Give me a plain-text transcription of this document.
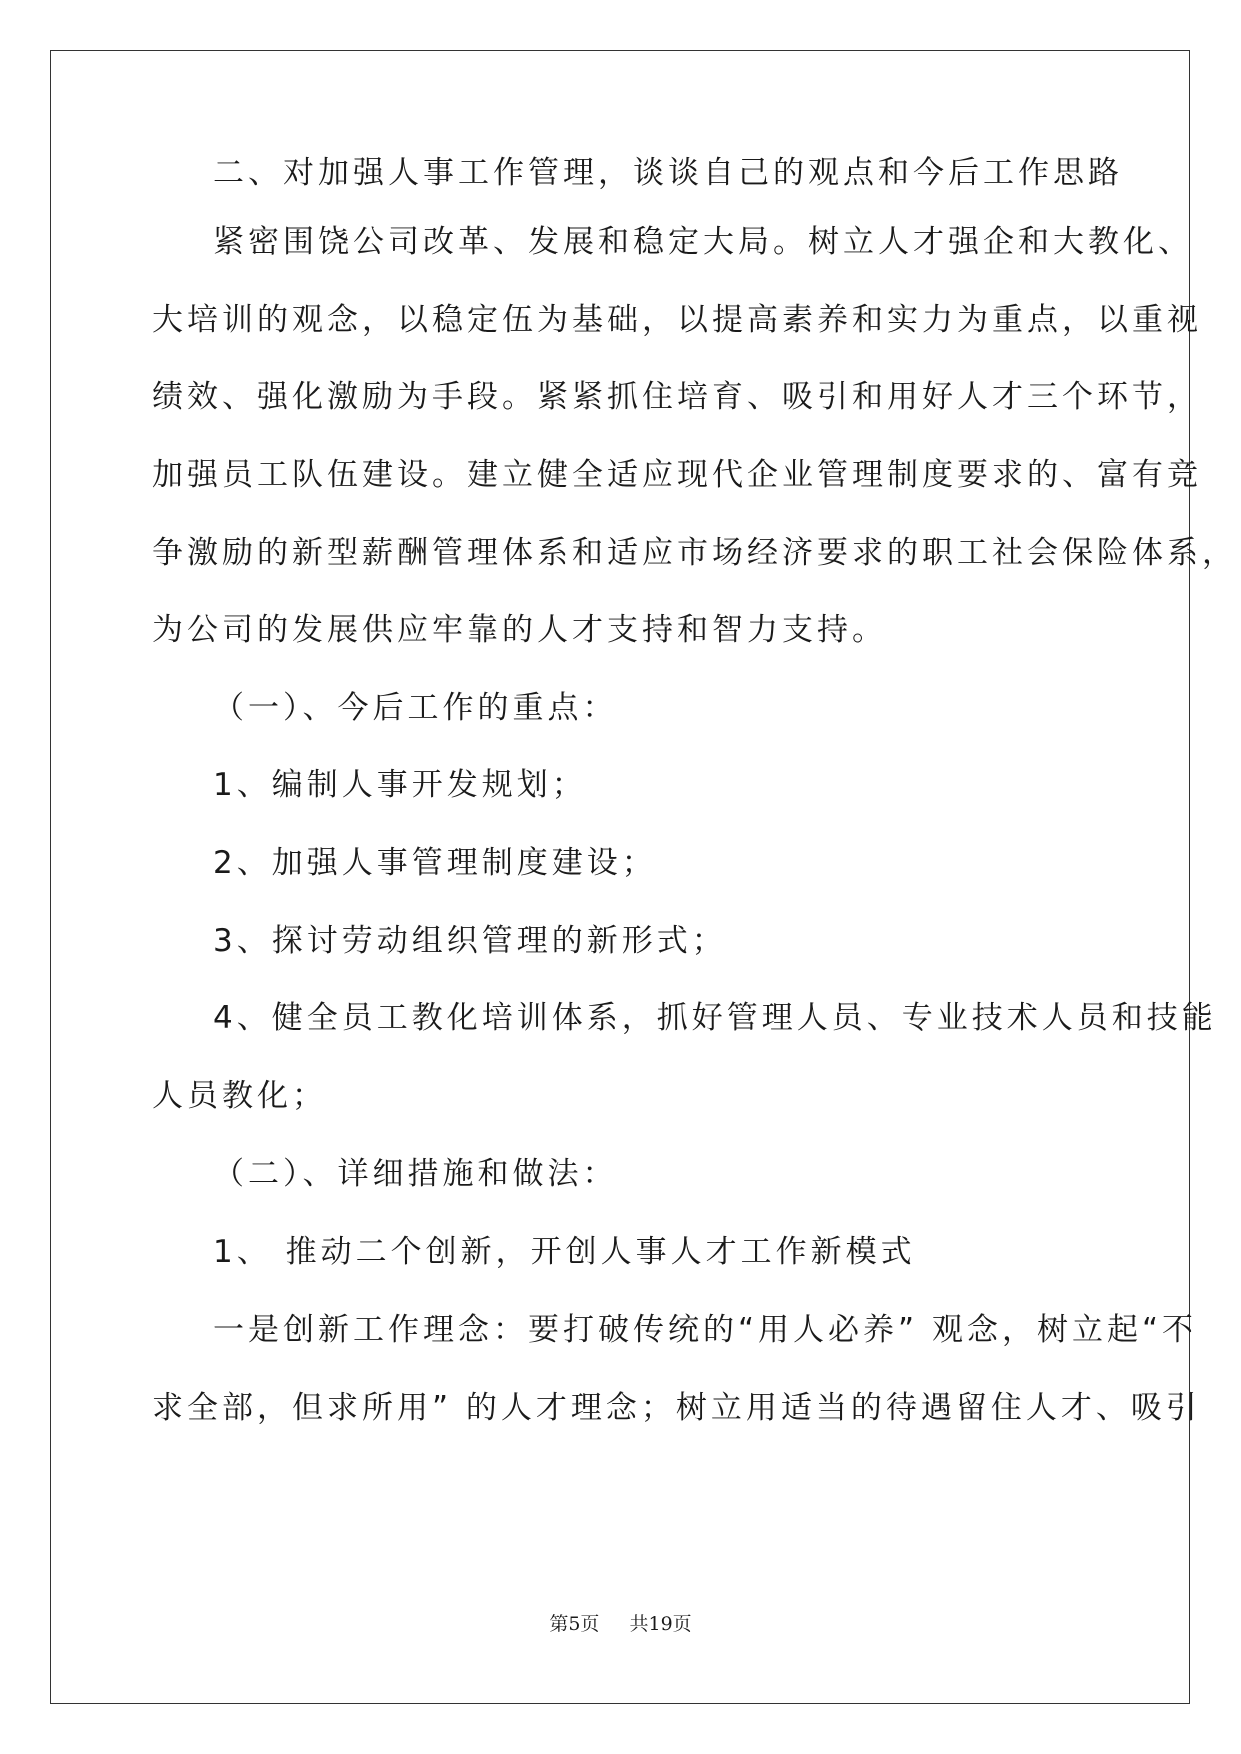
二、对加强人事工作管理，谈谈自己的观点和今后工作思路
紧密围饶公司改革、发展和稳定大局。树立人才强企和大教化、
大培训的观念，以稳定伍为基础，以提高素养和实力为重点，以重视
绩效、强化激励为手段。紧紧抓住培育、吸引和用好人才三个环节，
加强员工队伍建设。建立健全适应现代企业管理制度要求的、富有竞
争激励的新型薪酬管理体系和适应市场经济要求的职工社会保险体系，
为公司的发展供应牢靠的人才支持和智力支持。
（一）、今后工作的重点：
1、编制人事开发规划；
2、加强人事管理制度建设；
3、探讨劳动组织管理的新形式；
4、健全员工教化培训体系，抓好管理人员、专业技术人员和技能
人员教化；
（二）、详细措施和做法：
1、 推动二个创新，开创人事人才工作新模式
一是创新工作理念：要打破传统的“用人必养” 观念，树立起“不
求全部，但求所用” 的人才理念；树立用适当的待遇留住人才、吸引
第5页 共19页
